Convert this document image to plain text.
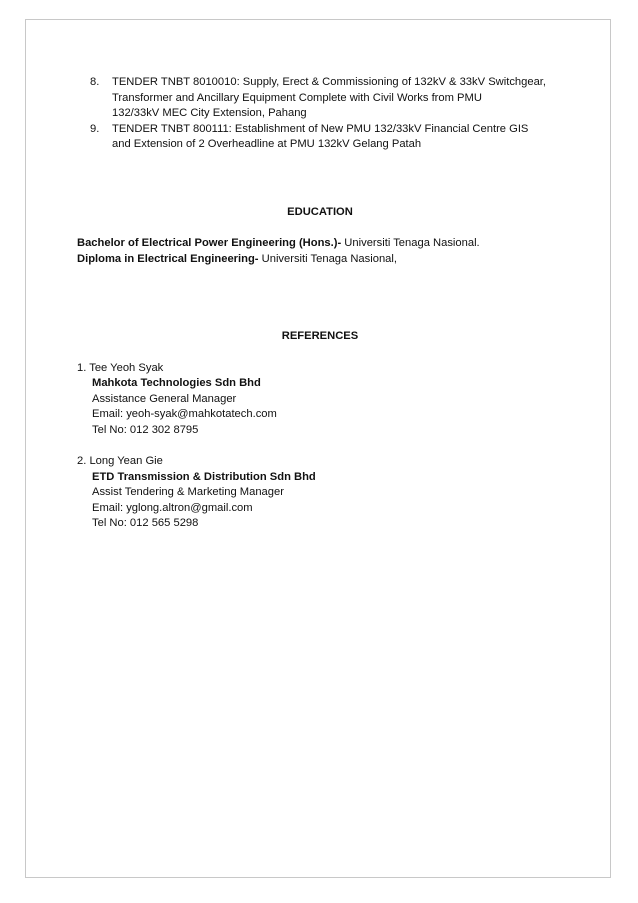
8. TENDER TNBT 8010010: Supply, Erect & Commissioning of 132kV & 33kV Switchgear,
Transformer and Ancillary Equipment Complete with Civil Works from PMU
132/33kV MEC City Extension, Pahang
9. TENDER TNBT 800111: Establishment of New PMU 132/33kV Financial Centre GIS
and Extension of 2 Overheadline at PMU 132kV Gelang Patah
EDUCATION
Bachelor of Electrical Power Engineering (Hons.)- Universiti Tenaga Nasional.
Diploma in Electrical Engineering- Universiti Tenaga Nasional,
REFERENCES
1. Tee Yeoh Syak
Mahkota Technologies Sdn Bhd
Assistance General Manager
Email: yeoh-syak@mahkotatech.com
Tel No: 012 302 8795
2. Long Yean Gie
ETD Transmission & Distribution Sdn Bhd
Assist Tendering & Marketing Manager
Email: yglong.altron@gmail.com
Tel No: 012 565 5298
